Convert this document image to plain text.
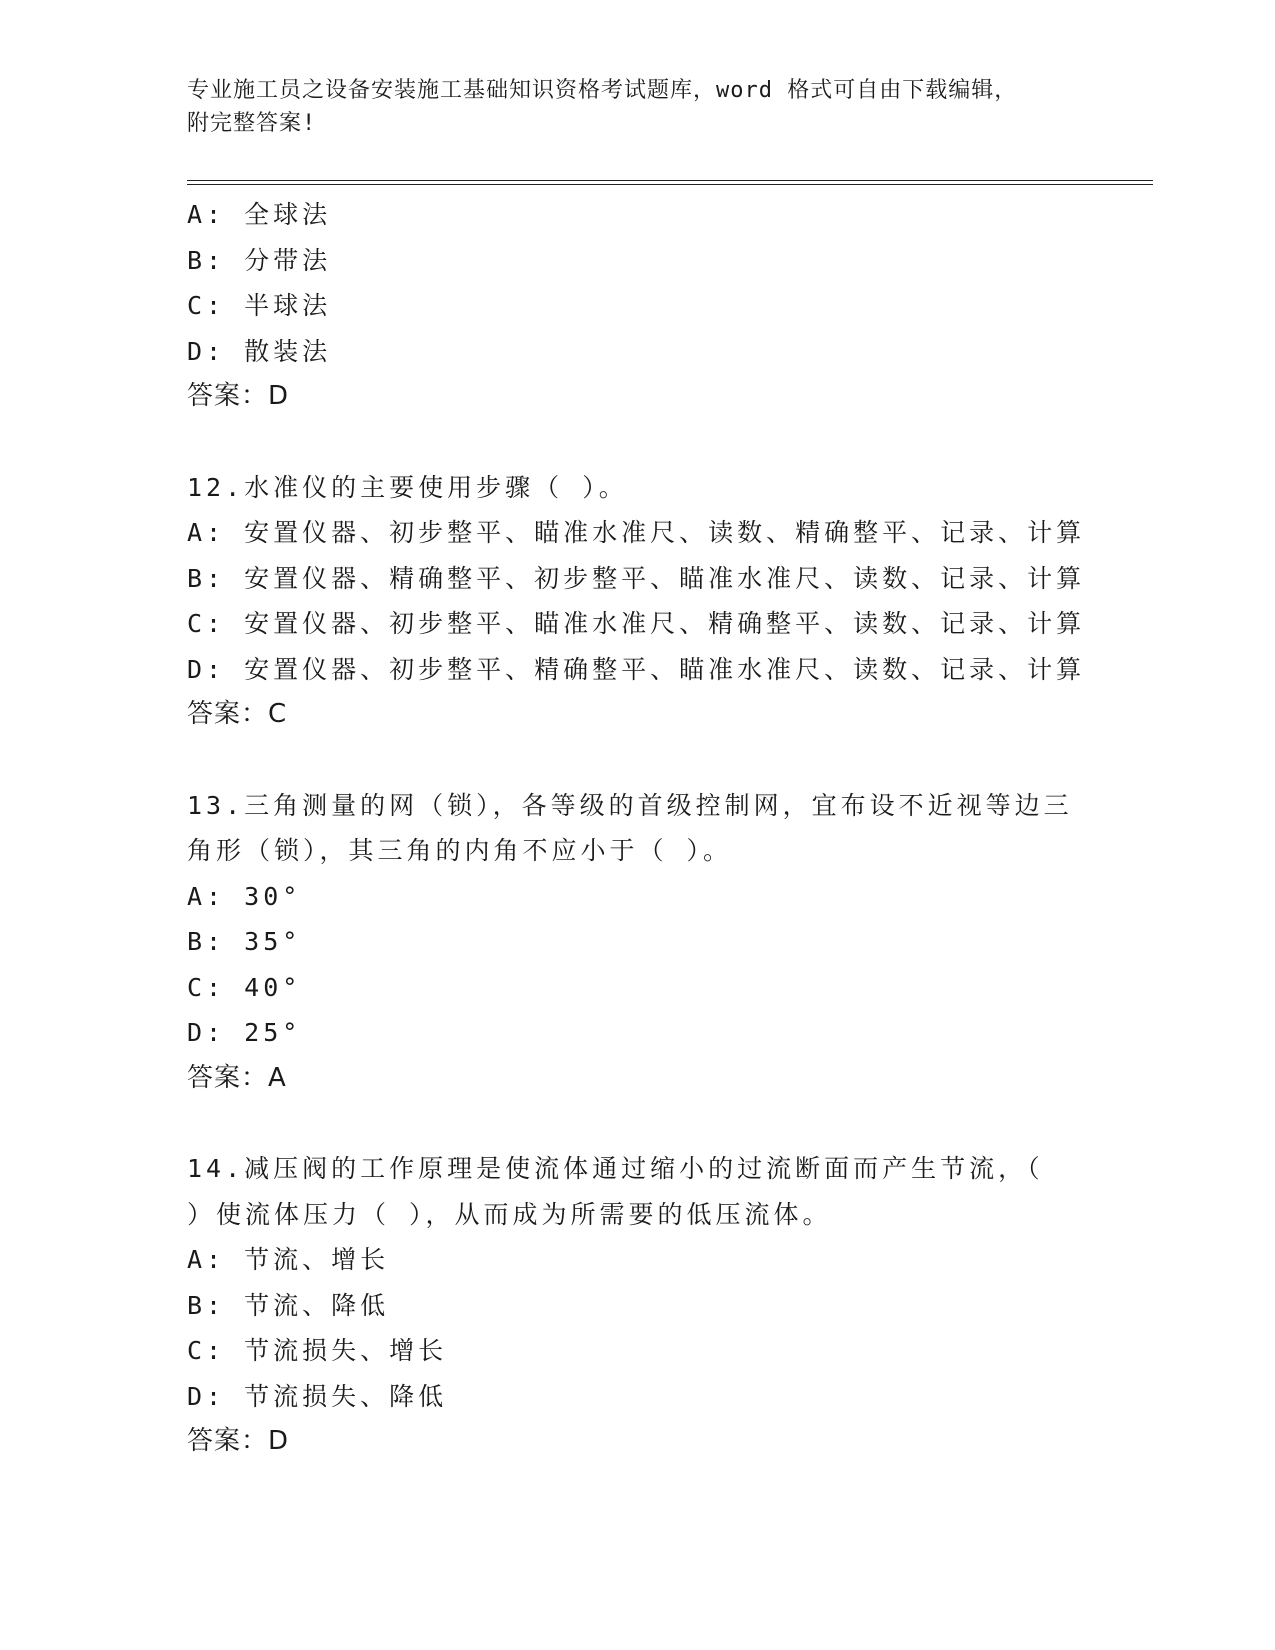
专业施工员之设备安装施工基础知识资格考试题库，word 格式可自由下载编辑，
附完整答案!
A: 全球法
B: 分带法
C: 半球法
D: 散装法
答案：D
12.水准仪的主要使用步骤（ ）。
A: 安置仪器、初步整平、瞄准水准尺、读数、精确整平、记录、计算
B: 安置仪器、精确整平、初步整平、瞄准水准尺、读数、记录、计算
C: 安置仪器、初步整平、瞄准水准尺、精确整平、读数、记录、计算
D: 安置仪器、初步整平、精确整平、瞄准水准尺、读数、记录、计算
答案：C
13.三角测量的网（锁），各等级的首级控制网，宜布设不近视等边三
角形（锁），其三角的内角不应小于（ ）。
A: 30°
B: 35°
C: 40°
D: 25°
答案：A
14.减压阀的工作原理是使流体通过缩小的过流断面而产生节流，（
）使流体压力（ ），从而成为所需要的低压流体。
A: 节流、增长
B: 节流、降低
C: 节流损失、增长
D: 节流损失、降低
答案：D
